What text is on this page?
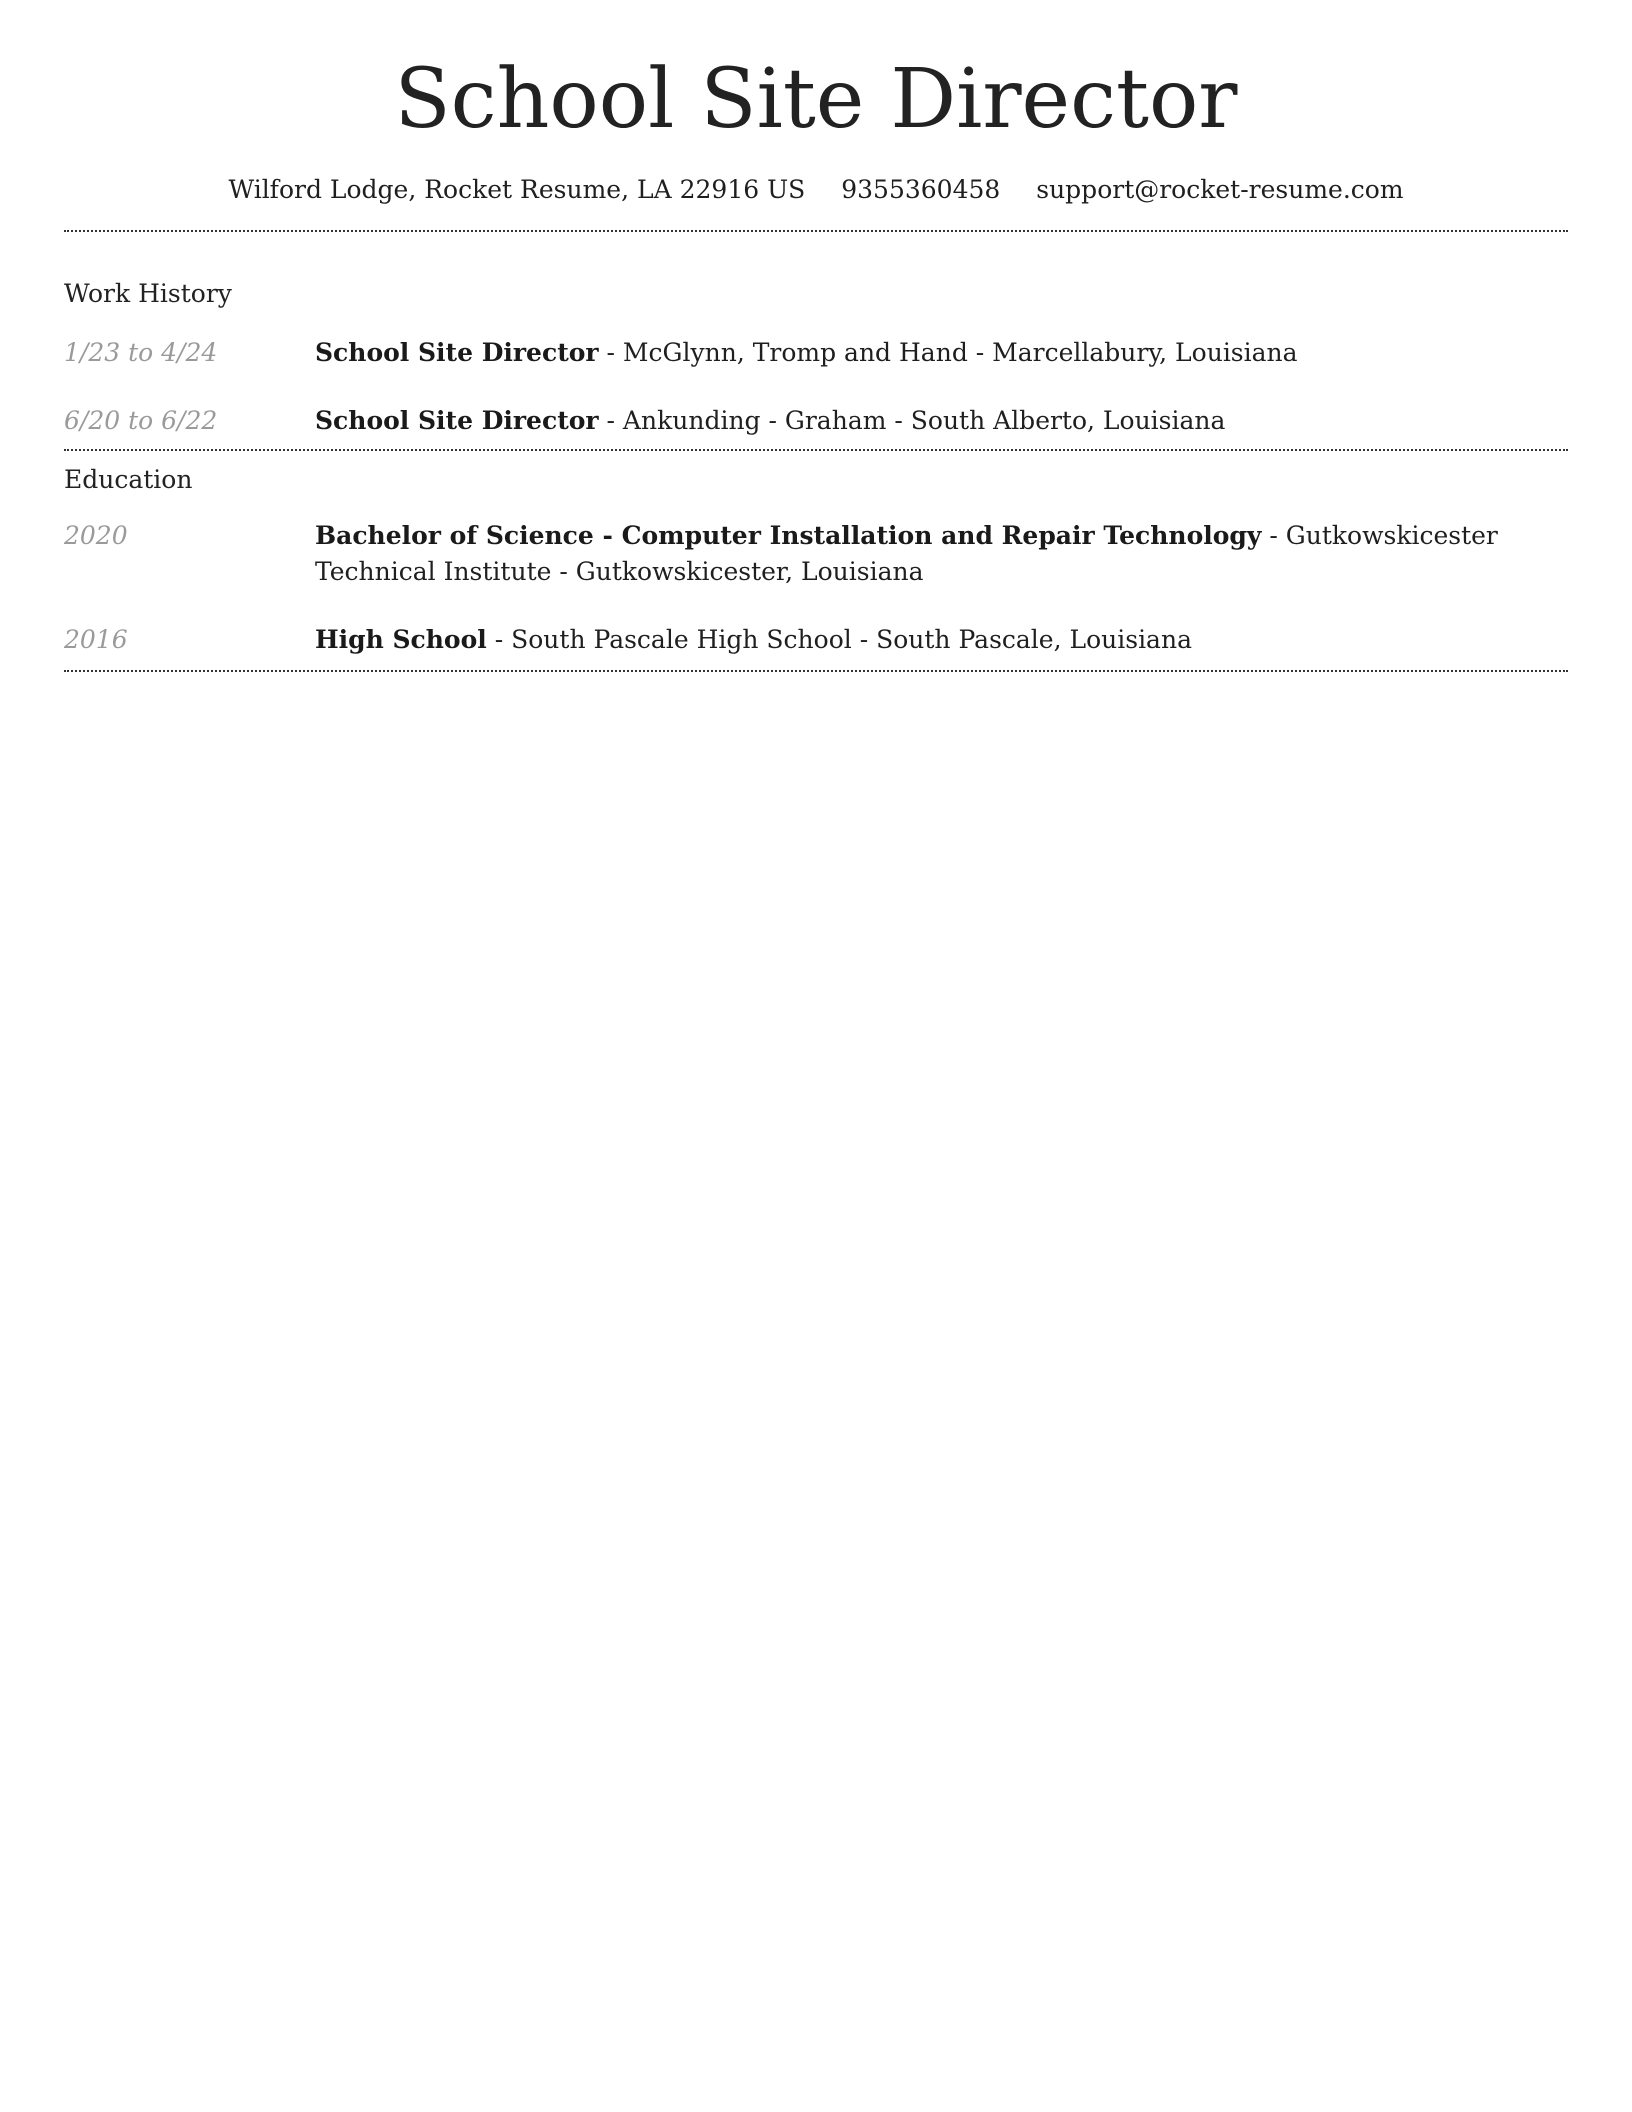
School Site Director
Wilford Lodge, Rocket Resume, LA 22916 US 9355360458 support@rocket-resume.com
Work History
1/23 to 4/24	School Site Director - McGlynn, Tromp and Hand - Marcellabury, Louisiana
6/20 to 6/22	School Site Director - Ankunding - Graham - South Alberto, Louisiana
Education
2020	Bachelor of Science - Computer Installation and Repair Technology - Gutkowskicester Technical Institute - Gutkowskicester, Louisiana
2016	High School - South Pascale High School - South Pascale, Louisiana
